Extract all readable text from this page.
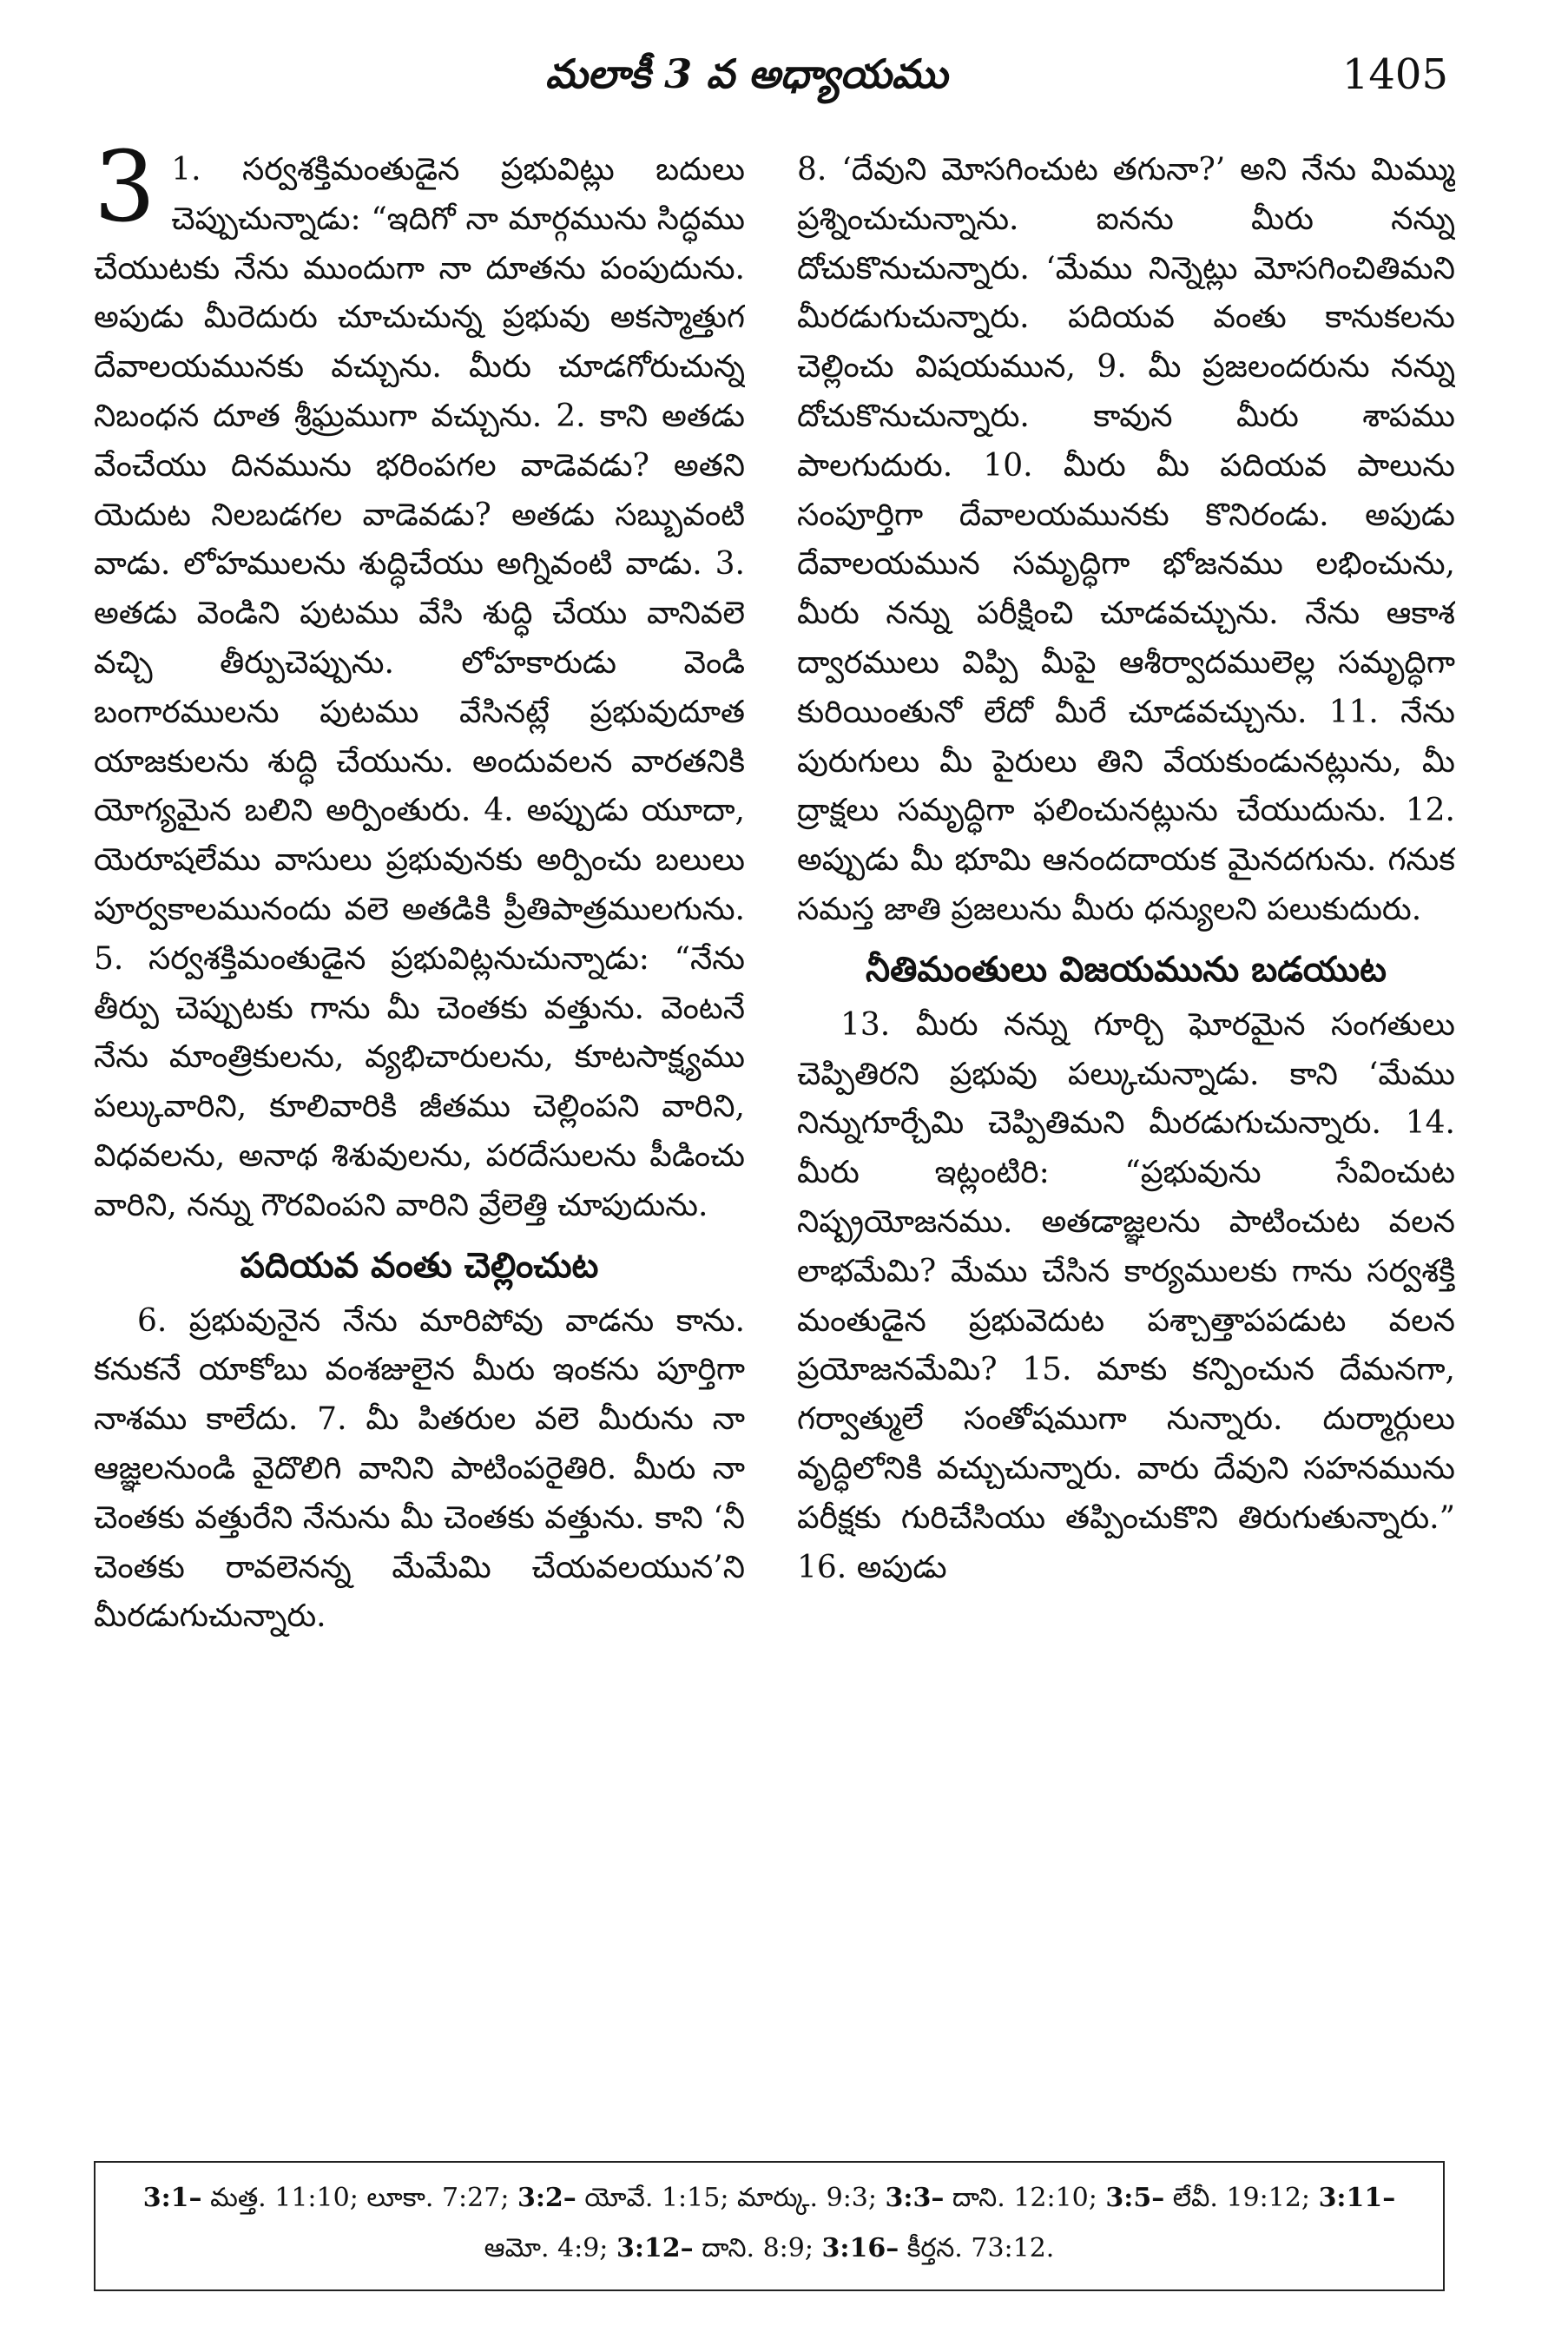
మలాకీ 3 వ అధ్యాయము	1405

3 1. సర్వశక్తిమంతుడైన ప్రభువిట్లు బదులు చెప్పుచున్నాడు: “ఇదిగో నా మార్గమును సిద్ధము చేయుటకు నేను ముందుగా నా దూతను పంపుదును. అపుడు మీరెదురు చూచుచున్న ప్రభువు అకస్మాత్తుగ దేవాలయమునకు వచ్చును. మీరు చూడగోరుచున్న నిబంధన దూత శ్రీఘ్రముగా వచ్చును. 2. కాని అతడు వేంచేయు దినమును భరింపగల వాడెవడు? అతని యెదుట నిలబడగల వాడెవడు? అతడు సబ్బువంటి వాడు. లోహములను శుద్ధిచేయు అగ్నివంటి వాడు. 3. అతడు వెండిని పుటము వేసి శుద్ధి చేయు వానివలె వచ్చి తీర్పుచెప్పును. లోహకారుడు వెండి బంగారములను పుటము వేసినట్లే ప్రభువుదూత యాజకులను శుద్ధి చేయును. అందువలన వారతనికి యోగ్యమైన బలిని అర్పింతురు. 4. అప్పుడు యూదా, యెరూషలేము వాసులు ప్రభువునకు అర్పించు బలులు పూర్వకాలమునందు వలె అతడికి ప్రీతిపాత్రములగును. 5. సర్వశక్తిమంతుడైన ప్రభువిట్లనుచున్నాడు: “నేను తీర్పు చెప్పుటకు గాను మీ చెంతకు వత్తును. వెంటనే నేను మాంత్రికులను, వ్యభిచారులను, కూటసాక్ష్యము పల్కువారిని, కూలివారికి జీతము చెల్లింపని వారిని, విధవలను, అనాథ శిశువులను, పరదేసులను పీడించు వారిని, నన్ను గౌరవింపని వారిని వ్రేలెత్తి చూపుదును.

పదియవ వంతు చెల్లించుట

6. ప్రభువునైన నేను మారిపోవు వాడను కాను. కనుకనే యాకోబు వంశజులైన మీరు ఇంకను పూర్తిగా నాశము కాలేదు. 7. మీ పితరుల వలె మీరును నా ఆజ్ఞలనుండి వైదొలిగి వానిని పాటింపరైతిరి. మీరు నా చెంతకు వత్తురేని నేనును మీ చెంతకు వత్తును. కాని ‘నీ చెంతకు రావలెనన్న మేమేమి చేయవలయున’ని మీరడుగుచున్నారు.

8. ‘దేవుని మోసగించుట తగునా?’ అని నేను మిమ్ము ప్రశ్నించుచున్నాను. ఐనను మీరు నన్ను దోచుకొనుచున్నారు. ‘మేము నిన్నెట్లు మోసగించితిమని మీరడుగుచున్నారు. పదియవ వంతు కానుకలను చెల్లించు విషయమున, 9. మీ ప్రజలందరును నన్ను దోచుకొనుచున్నారు. కావున మీరు శాపము పాలగుదురు. 10. మీరు మీ పదియవ పాలును సంపూర్తిగా దేవాలయమునకు కొనిరండు. అపుడు దేవాలయమున సమృద్ధిగా భోజనము లభించును, మీరు నన్ను పరీక్షించి చూడవచ్చును. నేను ఆకాశ ద్వారములు విప్పి మీపై ఆశీర్వాదములెల్ల సమృద్ధిగా కురియింతునో లేదో మీరే చూడవచ్చును. 11. నేను పురుగులు మీ పైరులు తిని వేయకుండునట్లును, మీ ద్రాక్షలు సమృద్ధిగా ఫలించునట్లును చేయుదును. 12. అప్పుడు మీ భూమి ఆనందదాయక మైనదగును. గనుక సమస్త జాతి ప్రజలును మీరు ధన్యులని పలుకుదురు.

నీతిమంతులు విజయమును బడయుట

13. మీరు నన్ను గూర్చి ఘోరమైన సంగతులు చెప్పితిరని ప్రభువు పల్కుచున్నాడు. కాని ‘మేము నిన్నుగూర్చేమి చెప్పితిమని మీరడుగుచున్నారు. 14. మీరు ఇట్లంటిరి: “ప్రభువును సేవించుట నిష్ప్రయోజనము. అతడాజ్ఞలను పాటించుట వలన లాభమేమి? మేము చేసిన కార్యములకు గాను సర్వశక్తి మంతుడైన ప్రభువెదుట పశ్చాత్తాపపడుట వలన ప్రయోజనమేమి? 15. మాకు కన్పించున దేమనగా, గర్వాత్ములే సంతోషముగా నున్నారు. దుర్మార్గులు వృద్ధిలోనికి వచ్చుచున్నారు. వారు దేవుని సహనమును పరీక్షకు గురిచేసియు తప్పించుకొని తిరుగుతున్నారు.” 16. అపుడు

3:1– మత్త. 11:10; లూకా. 7:27; 3:2– యోవే. 1:15; మార్కు. 9:3; 3:3– దాని. 12:10; 3:5– లేవీ. 19:12; 3:11– ఆమో. 4:9; 3:12– దాని. 8:9; 3:16– కీర్తన. 73:12.
